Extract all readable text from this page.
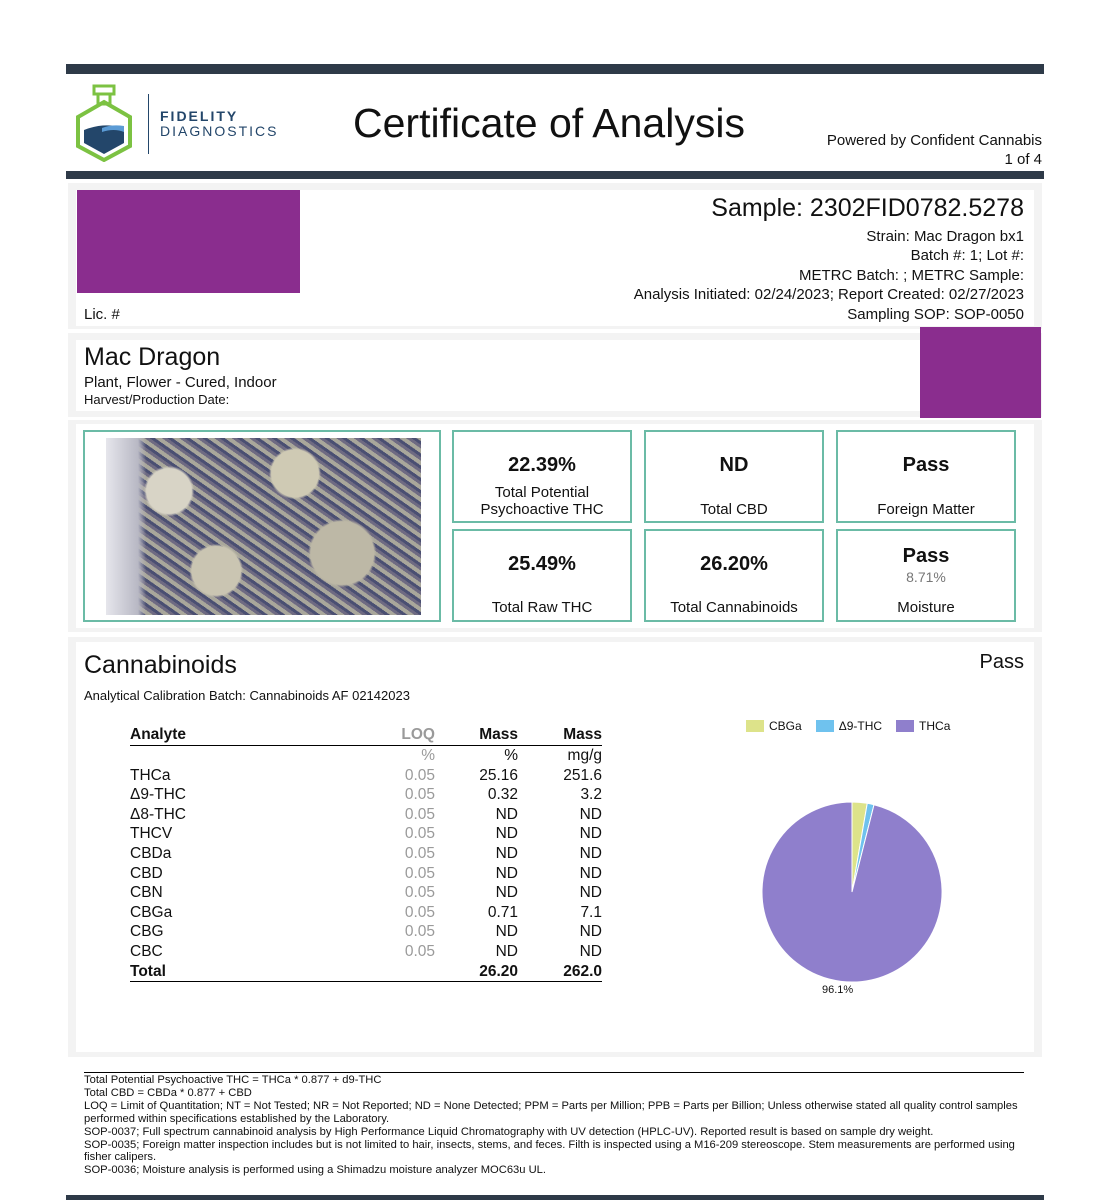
FIDELITY
DIAGNOSTICS Certificate of Analysis	Powered by Confident Cannabis
1 of 4
Lic. #
Sample: 2302FID0782.5278
Strain: Mac Dragon bx1
Batch #: 1; Lot #:
METRC Batch: ; METRC Sample:
Analysis Initiated: 02/24/2023; Report Created: 02/27/2023
Sampling SOP: SOP-0050
Mac Dragon
Plant, Flower - Cured, Indoor
Harvest/Production Date:
22.39%
Total Potential
Psychoactive THC
ND
Total CBD
Pass
Foreign Matter
25.49%
Total Raw THC
26.20%
Total Cannabinoids
Pass
8.71%
Moisture
Cannabinoids	Pass
Analytical Calibration Batch: Cannabinoids AF 02142023
Analyte	LOQ	Mass	Mass
	%	%	mg/g
THCa	0.05	25.16	251.6
Δ9-THC	0.05	0.32	3.2
Δ8-THC	0.05	ND	ND
THCV	0.05	ND	ND
CBDa	0.05	ND	ND
CBD	0.05	ND	ND
CBN	0.05	ND	ND
CBGa	0.05	0.71	7.1
CBG	0.05	ND	ND
CBC	0.05	ND	ND
Total		26.20	262.0
CBGa	Δ9-THC	THCa
96.1%
Total Potential Psychoactive THC = THCa * 0.877 + d9-THC
Total CBD = CBDa * 0.877 + CBD
LOQ = Limit of Quantitation; NT = Not Tested; NR = Not Reported; ND = None Detected; PPM = Parts per Million; PPB = Parts per Billion; Unless otherwise stated all quality control samples performed within specifications established by the Laboratory.
SOP-0037; Full spectrum cannabinoid analysis by High Performance Liquid Chromatography with UV detection (HPLC-UV). Reported result is based on sample dry weight.
SOP-0035; Foreign matter inspection includes but is not limited to hair, insects, stems, and feces. Filth is inspected using a M16-209 stereoscope. Stem measurements are performed using fisher calipers.
SOP-0036; Moisture analysis is performed using a Shimadzu moisture analyzer MOC63u UL.
